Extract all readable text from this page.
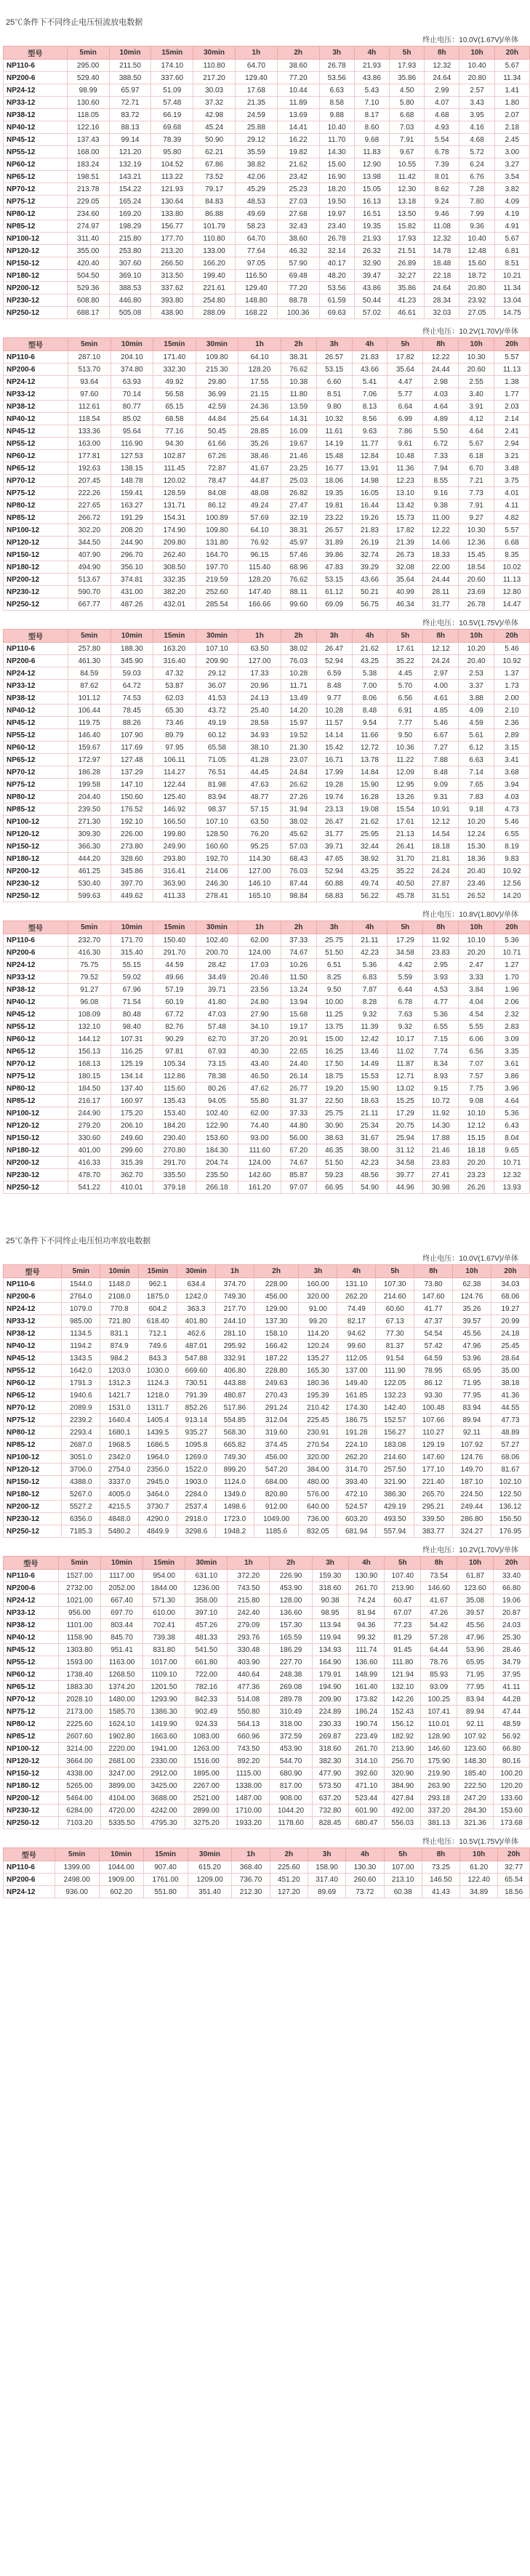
25℃条件下不同终止电压恒流放电数据
终止电压：10.0V(1.67V)/单体
型号	5min	10min	15min	30min	1h	2h	3h	4h	5h	8h	10h	20h
NP110-6	295.00	211.50	174.10	110.80	64.70	38.60	26.78	21.93	17.93	12.32	10.40	5.67
NP200-6	529.40	388.50	337.60	217.20	129.40	77.20	53.56	43.86	35.86	24.64	20.80	11.34
NP24-12	98.99	65.97	51.09	30.03	17.68	10.44	6.63	5.43	4.50	2.99	2.57	1.41
NP33-12	130.60	72.71	57.48	37.32	21.35	11.89	8.58	7.10	5.80	4.07	3.43	1.80
NP38-12	118.05	83.72	66.19	42.98	24.59	13.69	9.88	8.17	6.68	4.68	3.95	2.07
NP40-12	122.16	88.13	69.68	45.24	25.88	14.41	10.40	8.60	7.03	4.93	4.16	2.18
NP45-12	137.43	99.14	78.39	50.90	29.12	16.22	11.70	9.68	7.91	5.54	4.68	2.45
NP55-12	168.00	121.20	95.80	62.21	35.59	19.82	14.30	11.83	9.67	6.78	5.72	3.00
NP60-12	183.24	132.19	104.52	67.86	38.82	21.62	15.60	12.90	10.55	7.39	6.24	3.27
NP65-12	198.51	143.21	113.22	73.52	42.06	23.42	16.90	13.98	11.42	8.01	6.76	3.54
NP70-12	213.78	154.22	121.93	79.17	45.29	25.23	18.20	15.05	12.30	8.62	7.28	3.82
NP75-12	229.05	165.24	130.64	84.83	48.53	27.03	19.50	16.13	13.18	9.24	7.80	4.09
NP80-12	234.60	169.20	133.80	86.88	49.69	27.68	19.97	16.51	13.50	9.46	7.99	4.19
NP85-12	274.97	198.29	156.77	101.79	58.23	32.43	23.40	19.35	15.82	11.08	9.36	4.91
NP100-12	311.40	215.80	177.70	110.80	64.70	38.60	26.78	21.93	17.93	12.32	10.40	5.67
NP120-12	355.00	253.80	213.20	133.00	77.64	46.32	32.14	26.32	21.51	14.78	12.48	6.81
NP150-12	420.40	307.60	266.50	166.20	97.05	57.90	40.17	32.90	26.89	18.48	15.60	8.51
NP180-12	504.50	369.10	313.50	199.40	116.50	69.48	48.20	39.47	32.27	22.18	18.72	10.21
NP200-12	529.36	388.53	337.62	221.61	129.40	77.20	53.56	43.86	35.86	24.64	20.80	11.34
NP230-12	608.80	446.80	393.80	254.80	148.80	88.78	61.59	50.44	41.23	28.34	23.92	13.04
NP250-12	688.17	505.08	438.90	288.09	168.22	100.36	69.63	57.02	46.61	32.03	27.05	14.75
终止电压：10.2V(1.70V)/单体
型号	5min	10min	15min	30min	1h	2h	3h	4h	5h	8h	10h	20h
NP110-6	287.10	204.10	171.40	109.80	64.10	38.31	26.57	21.83	17.82	12.22	10.30	5.57
NP200-6	513.70	374.80	332.30	215.30	128.20	76.62	53.15	43.66	35.64	24.44	20.60	11.13
NP24-12	93.64	63.93	49.92	29.80	17.55	10.38	6.60	5.41	4.47	2.98	2.55	1.38
NP33-12	97.60	70.14	56.58	36.99	21.15	11.80	8.51	7.06	5.77	4.03	3.40	1.77
NP38-12	112.61	80.77	65.15	42.59	24.36	13.59	9.80	8.13	6.64	4.64	3.91	2.03
NP40-12	118.54	85.02	68.58	44.84	25.64	14.31	10.32	8.56	6.99	4.89	4.12	2.14
NP45-12	133.36	95.64	77.16	50.45	28.85	16.09	11.61	9.63	7.86	5.50	4.64	2.41
NP55-12	163.00	116.90	94.30	61.66	35.26	19.67	14.19	11.77	9.61	6.72	5.67	2.94
NP60-12	177.81	127.53	102.87	67.26	38.46	21.46	15.48	12.84	10.48	7.33	6.18	3.21
NP65-12	192.63	138.15	111.45	72.87	41.67	23.25	16.77	13.91	11.36	7.94	6.70	3.48
NP70-12	207.45	148.78	120.02	78.47	44.87	25.03	18.06	14.98	12.23	8.55	7.21	3.75
NP75-12	222.26	159.41	128.59	84.08	48.08	26.82	19.35	16.05	13.10	9.16	7.73	4.01
NP80-12	227.65	163.27	131.71	86.12	49.24	27.47	19.81	16.44	13.42	9.38	7.91	4.11
NP85-12	266.72	191.29	154.31	100.89	57.69	32.19	23.22	19.26	15.73	11.00	9.27	4.82
NP100-12	302.20	208.20	174.90	109.80	64.10	38.31	26.57	21.83	17.82	12.22	10.30	5.57
NP120-12	344.50	244.90	209.80	131.80	76.92	45.97	31.89	26.19	21.39	14.66	12.36	6.68
NP150-12	407.90	296.70	262.40	164.70	96.15	57.46	39.86	32.74	26.73	18.33	15.45	8.35
NP180-12	494.90	356.10	308.50	197.70	115.40	68.96	47.83	39.29	32.08	22.00	18.54	10.02
NP200-12	513.67	374.81	332.35	219.59	128.20	76.62	53.15	43.66	35.64	24.44	20.60	11.13
NP230-12	590.70	431.00	382.20	252.60	147.40	88.11	61.12	50.21	40.99	28.11	23.69	12.80
NP250-12	667.77	487.26	432.01	285.54	166.66	99.60	69.09	56.75	46.34	31.77	26.78	14.47
终止电压：10.5V(1.75V)/单体
型号	5min	10min	15min	30min	1h	2h	3h	4h	5h	8h	10h	20h
NP110-6	257.80	188.30	163.20	107.10	63.50	38.02	26.47	21.62	17.61	12.12	10.20	5.46
NP200-6	461.30	345.90	316.40	209.90	127.00	76.03	52.94	43.25	35.22	24.24	20.40	10.92
NP24-12	84.59	59.03	47.32	29.12	17.33	10.28	6.59	5.38	4.45	2.97	2.53	1.37
NP33-12	87.62	64.72	53.87	36.07	20.96	11.71	8.48	7.00	5.70	4.00	3.37	1.73
NP38-12	101.12	74.53	62.03	41.53	24.13	13.49	9.77	8.06	6.56	4.61	3.88	2.00
NP40-12	106.44	78.45	65.30	43.72	25.40	14.20	10.28	8.48	6.91	4.85	4.09	2.10
NP45-12	119.75	88.26	73.46	49.19	28.58	15.97	11.57	9.54	7.77	5.46	4.59	2.36
NP55-12	146.40	107.90	89.79	60.12	34.93	19.52	14.14	11.66	9.50	6.67	5.61	2.89
NP60-12	159.67	117.69	97.95	65.58	38.10	21.30	15.42	12.72	10.36	7.27	6.12	3.15
NP65-12	172.97	127.48	106.11	71.05	41.28	23.07	16.71	13.78	11.22	7.88	6.63	3.41
NP70-12	186.28	137.29	114.27	76.51	44.45	24.84	17.99	14.84	12.09	8.48	7.14	3.68
NP75-12	199.58	147.10	122.44	81.98	47.63	26.62	19.28	15.90	12.95	9.09	7.65	3.94
NP80-12	204.40	150.60	125.40	83.94	48.77	27.26	19.74	16.28	13.26	9.31	7.83	4.03
NP85-12	239.50	176.52	146.92	98.37	57.15	31.94	23.13	19.08	15.54	10.91	9.18	4.73
NP100-12	271.30	192.10	166.50	107.10	63.50	38.02	26.47	21.62	17.61	12.12	10.20	5.46
NP120-12	309.30	226.00	199.80	128.50	76.20	45.62	31.77	25.95	21.13	14.54	12.24	6.55
NP150-12	366.30	273.80	249.90	160.60	95.25	57.03	39.71	32.44	26.41	18.18	15.30	8.19
NP180-12	444.20	328.60	293.80	192.70	114.30	68.43	47.65	38.92	31.70	21.81	18.36	9.83
NP200-12	461.25	345.86	316.41	214.06	127.00	76.03	52.94	43.25	35.22	24.24	20.40	10.92
NP230-12	530.40	397.70	363.90	246.30	146.10	87.44	60.88	49.74	40.50	27.87	23.46	12.56
NP250-12	599.63	449.62	411.33	278.41	165.10	98.84	68.83	56.22	45.78	31.51	26.52	14.20
终止电压：10.8V(1.80V)/单体
型号	5min	10min	15min	30min	1h	2h	3h	4h	5h	8h	10h	20h
NP110-6	232.70	171.70	150.40	102.40	62.00	37.33	25.75	21.11	17.29	11.92	10.10	5.36
NP200-6	416.30	315.40	291.70	200.70	124.00	74.67	51.50	42.23	34.58	23.83	20.20	10.71
NP24-12	75.75	55.15	44.59	28.42	17.03	10.26	6.51	5.36	4.42	2.95	2.47	1.27
NP33-12	79.52	59.02	49.66	34.49	20.46	11.50	8.25	6.83	5.59	3.93	3.33	1.70
NP38-12	91.27	67.96	57.19	39.71	23.56	13.24	9.50	7.87	6.44	4.53	3.84	1.96
NP40-12	96.08	71.54	60.19	41.80	24.80	13.94	10.00	8.28	6.78	4.77	4.04	2.06
NP45-12	108.09	80.48	67.72	47.03	27.90	15.68	11.25	9.32	7.63	5.36	4.54	2.32
NP55-12	132.10	98.40	82.76	57.48	34.10	19.17	13.75	11.39	9.32	6.55	5.55	2.83
NP60-12	144.12	107.31	90.29	62.70	37.20	20.91	15.00	12.42	10.17	7.15	6.06	3.09
NP65-12	156.13	116.25	97.81	67.93	40.30	22.65	16.25	13.46	11.02	7.74	6.56	3.35
NP70-12	168.13	125.19	105.34	73.15	43.40	24.40	17.50	14.49	11.87	8.34	7.07	3.61
NP75-12	180.15	134.14	112.86	78.38	46.50	26.14	18.75	15.53	12.71	8.93	7.57	3.86
NP80-12	184.50	137.40	115.60	80.26	47.62	26.77	19.20	15.90	13.02	9.15	7.75	3.96
NP85-12	216.17	160.97	135.43	94.05	55.80	31.37	22.50	18.63	15.25	10.72	9.08	4.64
NP100-12	244.90	175.20	153.40	102.40	62.00	37.33	25.75	21.11	17.29	11.92	10.10	5.36
NP120-12	279.20	206.10	184.20	122.90	74.40	44.80	30.90	25.34	20.75	14.30	12.12	6.43
NP150-12	330.60	249.60	230.40	153.60	93.00	56.00	38.63	31.67	25.94	17.88	15.15	8.04
NP180-12	401.00	299.60	270.80	184.30	111.60	67.20	46.35	38.00	31.12	21.46	18.18	9.65
NP200-12	416.33	315.39	291.70	204.74	124.00	74.67	51.50	42.23	34.58	23.83	20.20	10.71
NP230-12	478.70	362.70	335.50	235.50	142.60	85.87	59.23	48.56	39.77	27.41	23.23	12.32
NP250-12	541.22	410.01	379.18	266.18	161.20	97.07	66.95	54.90	44.96	30.98	26.26	13.93
25℃条件下不同终止电压恒功率放电数据
终止电压：10.0V(1.67V)/单体
型号	5min	10min	15min	30min	1h	2h	3h	4h	5h	8h	10h	20h
NP110-6	1544.0	1148.0	962.1	634.4	374.70	228.00	160.00	131.10	107.30	73.80	62.38	34.03
NP200-6	2764.0	2108.0	1875.0	1242.0	749.30	456.00	320.00	262.20	214.60	147.60	124.76	68.06
NP24-12	1079.0	770.8	604.2	363.3	217.70	129.00	91.00	74.49	60.60	41.77	35.26	19.27
NP33-12	985.00	721.80	618.40	401.80	244.10	137.30	99.20	82.17	67.13	47.37	39.57	20.99
NP38-12	1134.5	831.1	712.1	462.6	281.10	158.10	114.20	94.62	77.30	54.54	45.56	24.18
NP40-12	1194.2	874.9	749.6	487.01	295.92	166.42	120.24	99.60	81.37	57.42	47.96	25.45
NP45-12	1343.5	984.2	843.3	547.88	332.91	187.22	135.27	112.05	91.54	64.59	53.96	28.64
NP55-12	1642.0	1203.0	1030.0	669.60	406.80	228.80	165.30	137.00	111.90	78.95	65.95	35.00
NP60-12	1791.3	1312.3	1124.3	730.51	443.88	249.63	180.36	149.40	122.05	86.12	71.95	38.18
NP65-12	1940.6	1421.7	1218.0	791.39	480.87	270.43	195.39	161.85	132.23	93.30	77.95	41.36
NP70-12	2089.9	1531.0	1311.7	852.26	517.86	291.24	210.42	174.30	142.40	100.48	83.94	44.55
NP75-12	2239.2	1640.4	1405.4	913.14	554.85	312.04	225.45	186.75	152.57	107.66	89.94	47.73
NP80-12	2293.4	1680.1	1439.5	935.27	568.30	319.60	230.91	191.28	156.27	110.27	92.11	48.89
NP85-12	2687.0	1968.5	1686.5	1095.8	665.82	374.45	270.54	224.10	183.08	129.19	107.92	57.27
NP100-12	3051.0	2342.0	1964.0	1269.0	749.30	456.00	320.00	262.20	214.60	147.60	124.76	68.06
NP120-12	3706.0	2754.0	2356.0	1522.0	899.20	547.20	384.00	314.70	257.50	177.10	149.70	81.67
NP150-12	4388.0	3337.0	2945.0	1903.0	1124.0	684.00	480.00	393.40	321.90	221.40	187.10	102.10
NP180-12	5267.0	4005.0	3464.0	2284.0	1349.0	820.80	576.00	472.10	386.30	265.70	224.50	122.50
NP200-12	5527.2	4215.5	3730.7	2537.4	1498.6	912.00	640.00	524.57	429.19	295.21	249.44	136.12
NP230-12	6356.0	4848.0	4290.0	2918.0	1723.0	1049.00	736.00	603.20	493.50	339.50	286.80	156.50
NP250-12	7185.3	5480.2	4849.9	3298.6	1948.2	1185.6	832.05	681.94	557.94	383.77	324.27	176.95
终止电压：10.2V(1.70V)/单体
型号	5min	10min	15min	30min	1h	2h	3h	4h	5h	8h	10h	20h
NP110-6	1527.00	1117.00	954.00	631.10	372.20	226.90	159.30	130.90	107.40	73.54	61.87	33.40
NP200-6	2732.00	2052.00	1844.00	1236.00	743.50	453.90	318.60	261.70	213.90	146.60	123.60	66.80
NP24-12	1021.00	667.40	571.30	358.00	215.80	128.00	90.38	74.24	60.47	41.67	35.08	19.06
NP33-12	956.00	697.70	610.00	397.10	242.40	136.60	98.95	81.94	67.07	47.26	39.57	20.87
NP38-12	1101.00	803.44	702.41	457.26	279.09	157.30	113.94	94.36	77.23	54.42	45.56	24.03
NP40-12	1158.90	845.70	739.38	481.33	293.76	165.59	119.94	99.32	81.29	57.28	47.96	25.30
NP45-12	1303.80	951.41	831.80	541.50	330.48	186.29	134.93	111.74	91.45	64.44	53.96	28.46
NP55-12	1593.00	1163.00	1017.00	661.80	403.90	227.70	164.90	136.60	111.80	78.76	65.95	34.79
NP60-12	1738.40	1268.50	1109.10	722.00	440.64	248.38	179.91	148.99	121.94	85.93	71.95	37.95
NP65-12	1883.30	1374.20	1201.50	782.16	477.36	269.08	194.90	161.40	132.10	93.09	77.95	41.11
NP70-12	2028.10	1480.00	1293.90	842.33	514.08	289.78	209.90	173.82	142.26	100.25	83.94	44.28
NP75-12	2173.00	1585.70	1386.30	902.49	550.80	310.49	224.89	186.24	152.43	107.41	89.94	47.44
NP80-12	2225.60	1624.10	1419.90	924.33	564.13	318.00	230.33	190.74	156.12	110.01	92.11	48.59
NP85-12	2607.60	1902.80	1663.60	1083.00	660.96	372.59	269.87	223.49	182.92	128.90	107.92	56.92
NP100-12	3214.00	2220.00	1941.00	1263.00	743.50	453.90	318.60	261.70	213.90	146.60	123.60	66.80
NP120-12	3664.00	2681.00	2330.00	1516.00	892.20	544.70	382.30	314.10	256.70	175.90	148.30	80.16
NP150-12	4338.00	3247.00	2912.00	1895.00	1115.00	680.90	477.90	392.60	320.90	219.90	185.40	100.20
NP180-12	5265.00	3899.00	3425.00	2267.00	1338.00	817.00	573.50	471.10	384.90	263.90	222.50	120.20
NP200-12	5464.00	4104.00	3688.00	2521.00	1487.00	908.00	637.20	523.44	427.84	293.18	247.20	133.60
NP230-12	6284.00	4720.00	4242.00	2899.00	1710.00	1044.20	732.80	601.90	492.00	337.20	284.30	153.60
NP250-12	7103.20	5335.50	4795.30	3275.20	1933.20	1178.60	828.45	680.47	556.03	381.13	321.36	173.68
终止电压：10.5V(1.75V)/单体
型号	5min	10min	15min	30min	1h	2h	3h	4h	5h	8h	10h	20h
NP110-6	1399.00	1044.00	907.40	615.20	368.40	225.60	158.90	130.30	107.00	73.25	61.20	32.77
NP200-6	2498.00	1909.00	1761.00	1209.00	736.70	451.20	317.40	260.60	213.10	146.50	122.40	65.54
NP24-12	936.00	602.20	551.80	351.40	212.30	127.20	89.69	73.72	60.38	41.43	34.89	18.56
